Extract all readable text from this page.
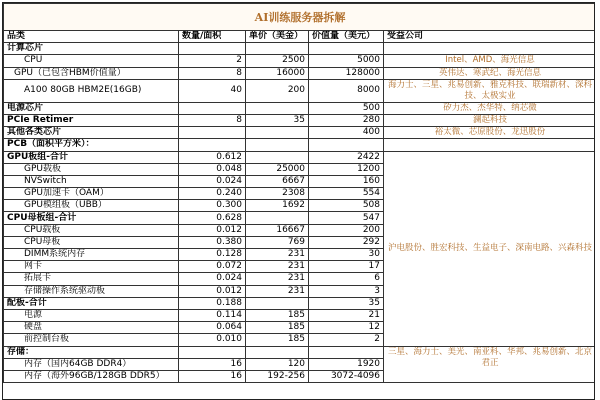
AI训练服务器拆解				
品类	数量/面积	单价（美金）	价值量（美元）	受益公司
计算芯片				
CPU	2	2500	5000	Intel、AMD、海光信息
GPU（已包含HBM价值量）	8	16000	128000	英伟达、寒武纪、海光信息
A100 80GB HBM2E(16GB)	40	200	8000	海力士、三星、兆易创新、雅克科技、联瑞新材、深科技、太极实业
电源芯片			500	矽力杰、杰华特、纳芯微
PCIe Retimer	8	35	280	澜起科技
其他各类芯片			400	裕太微、芯原股份、龙迅股份
PCB（面积平方米）：				
GPU板组-合计	0.612		2422	沪电股份、胜宏科技、生益电子、深南电路、兴森科技
GPU载板	0.048	25000	1200	
NVSwitch	0.024	6667	160	
GPU加速卡（OAM）	0.240	2308	554	
GPU模组板（UBB）	0.300	1692	508	
CPU母板组-合计	0.628		547	
CPU载板	0.012	16667	200	
CPU母板	0.380	769	292	
DIMM系统内存	0.128	231	30	
网卡	0.072	231	17	
拓展卡	0.024	231	6	
存储操作系统驱动板	0.012	231	3	
配板-合计	0.188		35	
电源	0.114	185	21	
硬盘	0.064	185	12	
前控制台板	0.010	185	2	
存储：				三星、海力士、美光、南亚科、华邦、兆易创新、北京君正
内存（国内64GB DDR4）	16	120	1920	
内存（海外96GB/128GB DDR5）	16	192-256	3072-4096	
